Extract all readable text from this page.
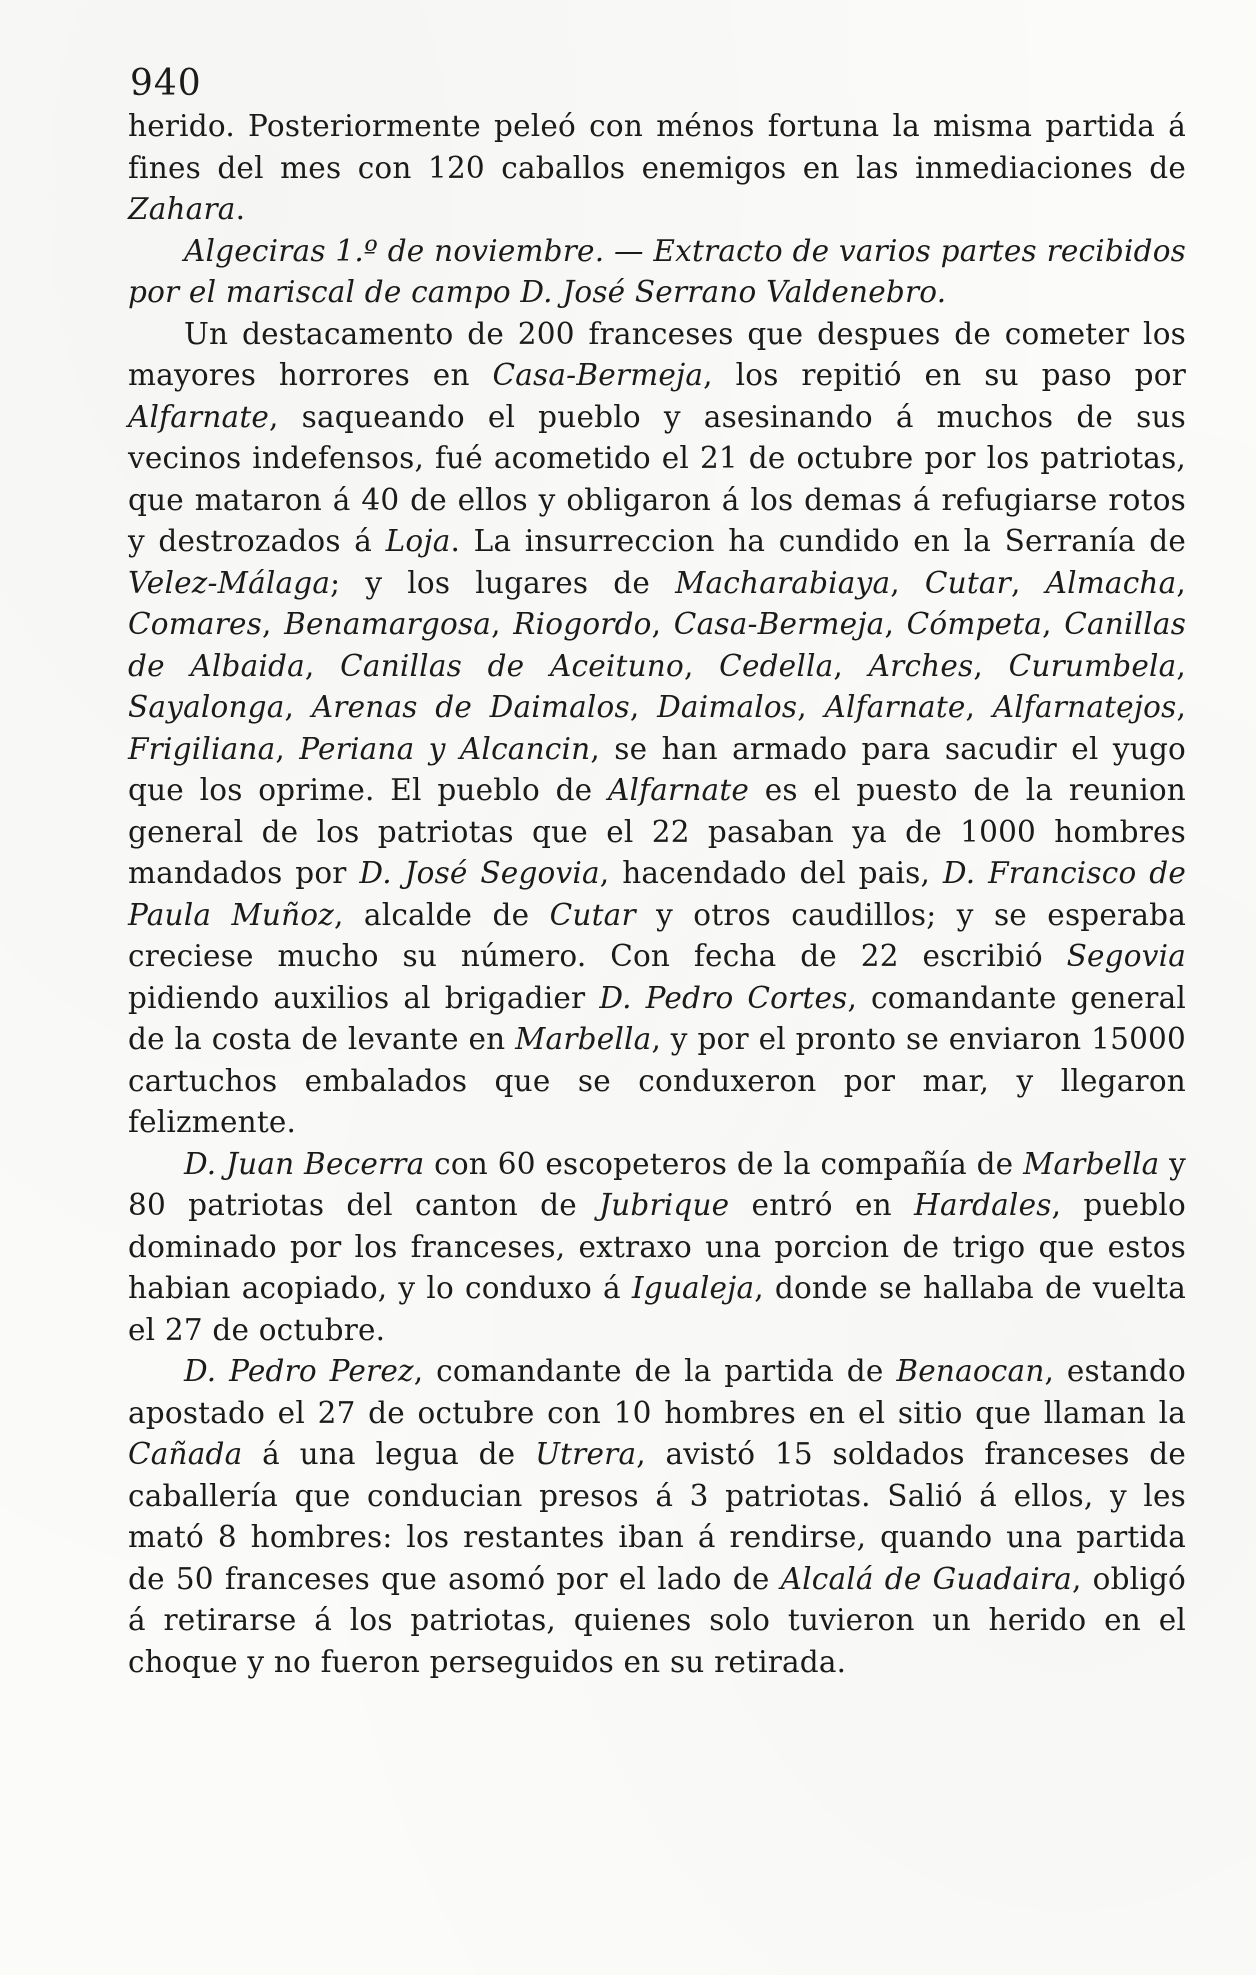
940

herido. Posteriormente peleó con ménos fortuna la misma partida á fines del mes con 120 caballos enemigos en las inmediaciones de Zahara.

Algeciras 1.º de noviembre. — Extracto de varios partes recibidos por el mariscal de campo D. José Serrano Valdenebro.

Un destacamento de 200 franceses que despues de cometer los mayores horrores en Casa-Bermeja, los repitió en su paso por Alfarnate, saqueando el pueblo y asesinando á muchos de sus vecinos indefensos, fué acometido el 21 de octubre por los patriotas, que mataron á 40 de ellos y obligaron á los demas á refugiarse rotos y destrozados á Loja. La insurreccion ha cundido en la Serranía de Velez-Málaga; y los lugares de Macharabiaya, Cutar, Almacha, Comares, Benamargosa, Riogordo, Casa-Bermeja, Cómpeta, Canillas de Albaida, Canillas de Aceituno, Cedella, Arches, Curumbela, Sayalonga, Arenas de Daimalos, Daimalos, Alfarnate, Alfarnatejos, Frigiliana, Periana y Alcancin, se han armado para sacudir el yugo que los oprime. El pueblo de Alfarnate es el puesto de la reunion general de los patriotas que el 22 pasaban ya de 1000 hombres mandados por D. José Segovia, hacendado del pais, D. Francisco de Paula Muñoz, alcalde de Cutar y otros caudillos; y se esperaba creciese mucho su número. Con fecha de 22 escribió Segovia pidiendo auxilios al brigadier D. Pedro Cortes, comandante general de la costa de levante en Marbella, y por el pronto se enviaron 15000 cartuchos embalados que se conduxeron por mar, y llegaron felizmente.

D. Juan Becerra con 60 escopeteros de la compañía de Marbella y 80 patriotas del canton de Jubrique entró en Hardales, pueblo dominado por los franceses, extraxo una porcion de trigo que estos habian acopiado, y lo conduxo á Igualeja, donde se hallaba de vuelta el 27 de octubre.

D. Pedro Perez, comandante de la partida de Benaocan, estando apostado el 27 de octubre con 10 hombres en el sitio que llaman la Cañada á una legua de Utrera, avistó 15 soldados franceses de caballería que conducian presos á 3 patriotas. Salió á ellos, y les mató 8 hombres: los restantes iban á rendirse, quando una partida de 50 franceses que asomó por el lado de Alcalá de Guadaira, obligó á retirarse á los patriotas, quienes solo tuvieron un herido en el choque y no fueron perseguidos en su retirada.
